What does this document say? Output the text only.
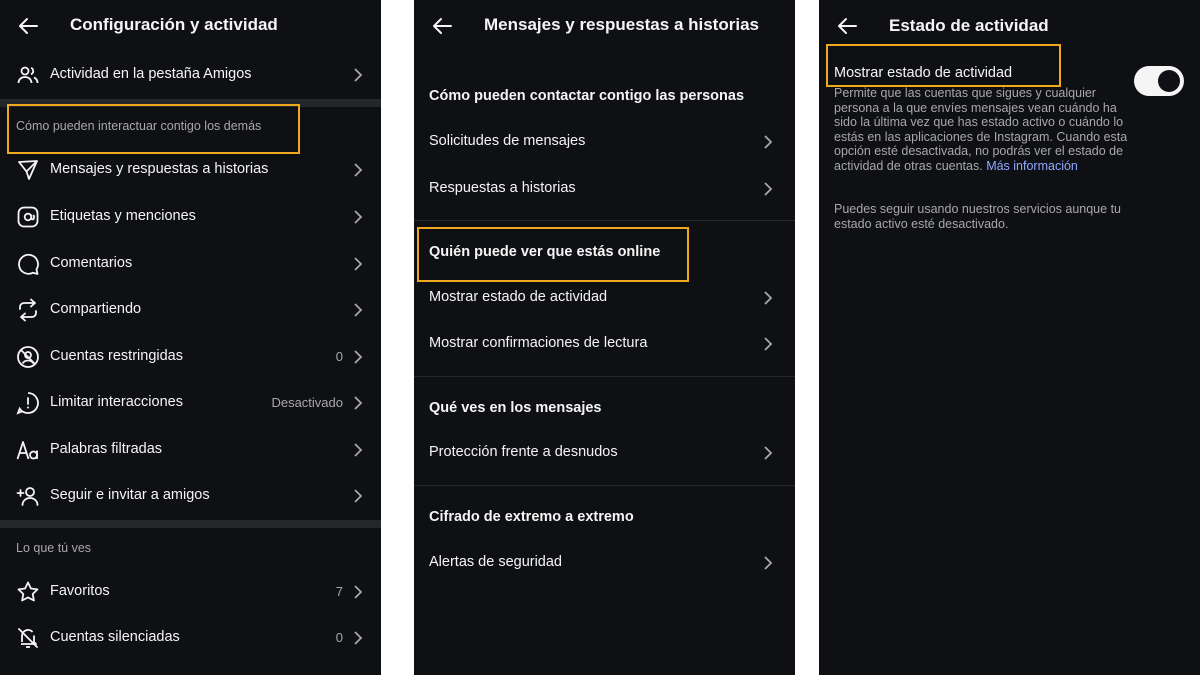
Configuración y actividad
Actividad en la pestaña Amigos
Cómo pueden interactuar contigo los demás
Mensajes y respuestas a historias
Etiquetas y menciones
Comentarios
Compartiendo
Cuentas restringidas	0
Limitar interacciones	Desactivado
Palabras filtradas
Seguir e invitar a amigos
Lo que tú ves
Favoritos	7
Cuentas silenciadas	0
Mensajes y respuestas a historias
Cómo pueden contactar contigo las personas
Solicitudes de mensajes
Respuestas a historias
Quién puede ver que estás online
Mostrar estado de actividad
Mostrar confirmaciones de lectura
Qué ves en los mensajes
Protección frente a desnudos
Cifrado de extremo a extremo
Alertas de seguridad
Estado de actividad
Mostrar estado de actividad
Permite que las cuentas que sigues y cualquier persona a la que envíes mensajes vean cuándo ha sido la última vez que has estado activo o cuándo lo estás en las aplicaciones de Instagram. Cuando esta opción esté desactivada, no podrás ver el estado de actividad de otras cuentas. Más información
Puedes seguir usando nuestros servicios aunque tu estado activo esté desactivado.
